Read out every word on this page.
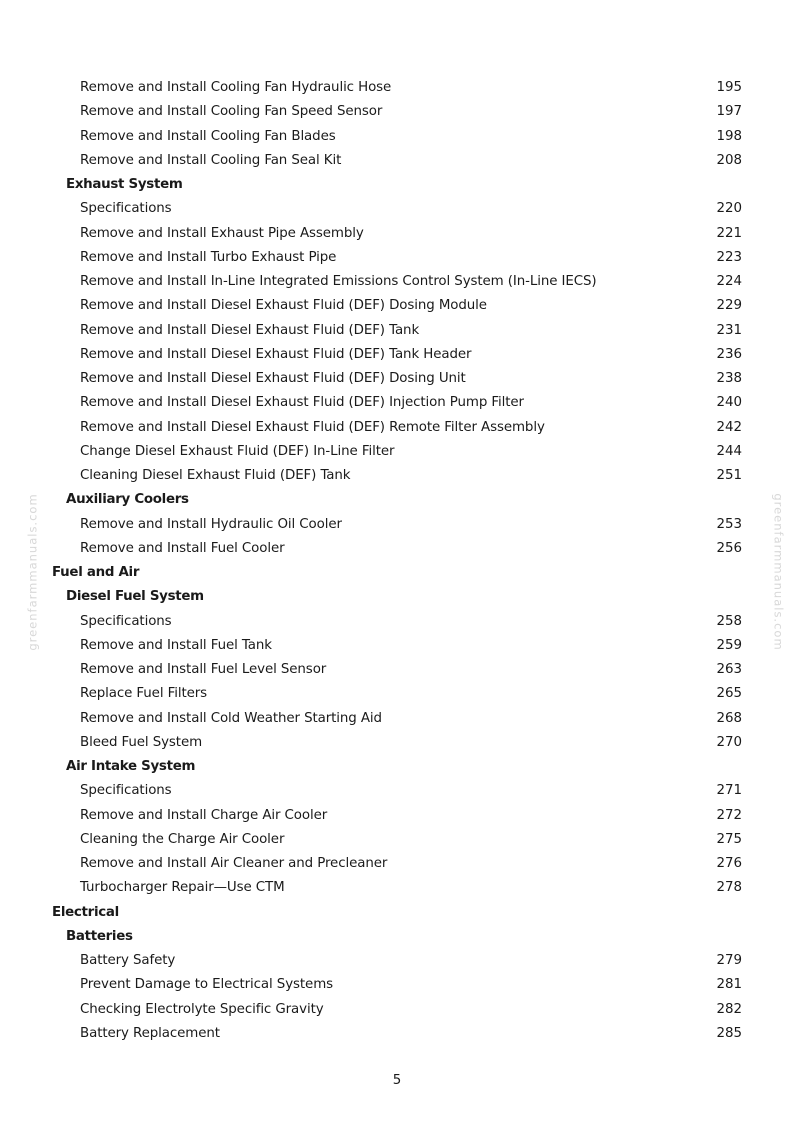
greenfarmmanuals.com	greenfarmmanuals.com
Remove and Install Cooling Fan Hydraulic Hose	195
Remove and Install Cooling Fan Speed Sensor	197
Remove and Install Cooling Fan Blades	198
Remove and Install Cooling Fan Seal Kit	208
Exhaust System
Specifications	220
Remove and Install Exhaust Pipe Assembly	221
Remove and Install Turbo Exhaust Pipe	223
Remove and Install In-Line Integrated Emissions Control System (In-Line IECS)	224
Remove and Install Diesel Exhaust Fluid (DEF) Dosing Module	229
Remove and Install Diesel Exhaust Fluid (DEF) Tank	231
Remove and Install Diesel Exhaust Fluid (DEF) Tank Header	236
Remove and Install Diesel Exhaust Fluid (DEF) Dosing Unit	238
Remove and Install Diesel Exhaust Fluid (DEF) Injection Pump Filter	240
Remove and Install Diesel Exhaust Fluid (DEF) Remote Filter Assembly	242
Change Diesel Exhaust Fluid (DEF) In-Line Filter	244
Cleaning Diesel Exhaust Fluid (DEF) Tank	251
Auxiliary Coolers
Remove and Install Hydraulic Oil Cooler	253
Remove and Install Fuel Cooler	256
Fuel and Air
Diesel Fuel System
Specifications	258
Remove and Install Fuel Tank	259
Remove and Install Fuel Level Sensor	263
Replace Fuel Filters	265
Remove and Install Cold Weather Starting Aid	268
Bleed Fuel System	270
Air Intake System
Specifications	271
Remove and Install Charge Air Cooler	272
Cleaning the Charge Air Cooler	275
Remove and Install Air Cleaner and Precleaner	276
Turbocharger Repair—Use CTM	278
Electrical
Batteries
Battery Safety	279
Prevent Damage to Electrical Systems	281
Checking Electrolyte Specific Gravity	282
Battery Replacement	285
5
